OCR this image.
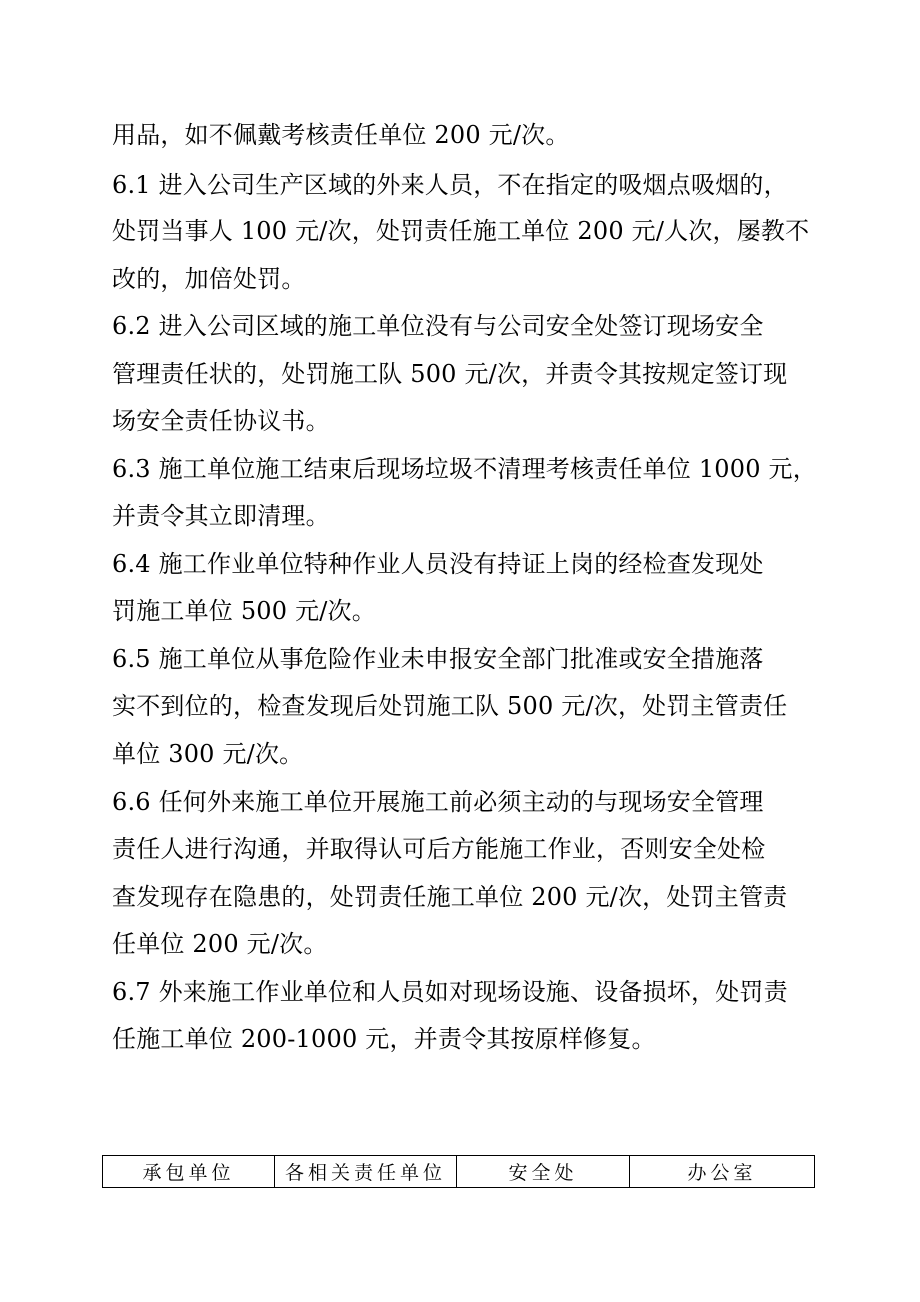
用品，如不佩戴考核责任单位 200 元/次。
6.1 进入公司生产区域的外来人员，不在指定的吸烟点吸烟的，
处罚当事人 100 元/次，处罚责任施工单位 200 元/人次，屡教不
改的，加倍处罚。
6.2 进入公司区域的施工单位没有与公司安全处签订现场安全
管理责任状的，处罚施工队 500 元/次，并责令其按规定签订现
场安全责任协议书。
6.3 施工单位施工结束后现场垃圾不清理考核责任单位 1000 元，
并责令其立即清理。
6.4 施工作业单位特种作业人员没有持证上岗的经检查发现处
罚施工单位 500 元/次。
6.5 施工单位从事危险作业未申报安全部门批准或安全措施落
实不到位的，检查发现后处罚施工队 500 元/次，处罚主管责任
单位 300 元/次。
6.6 任何外来施工单位开展施工前必须主动的与现场安全管理
责任人进行沟通，并取得认可后方能施工作业，否则安全处检
查发现存在隐患的，处罚责任施工单位 200 元/次，处罚主管责
任单位 200 元/次。
6.7 外来施工作业单位和人员如对现场设施、设备损坏，处罚责
任施工单位 200-1000 元，并责令其按原样修复。
承包单位	各相关责任单位	安全处	办公室
